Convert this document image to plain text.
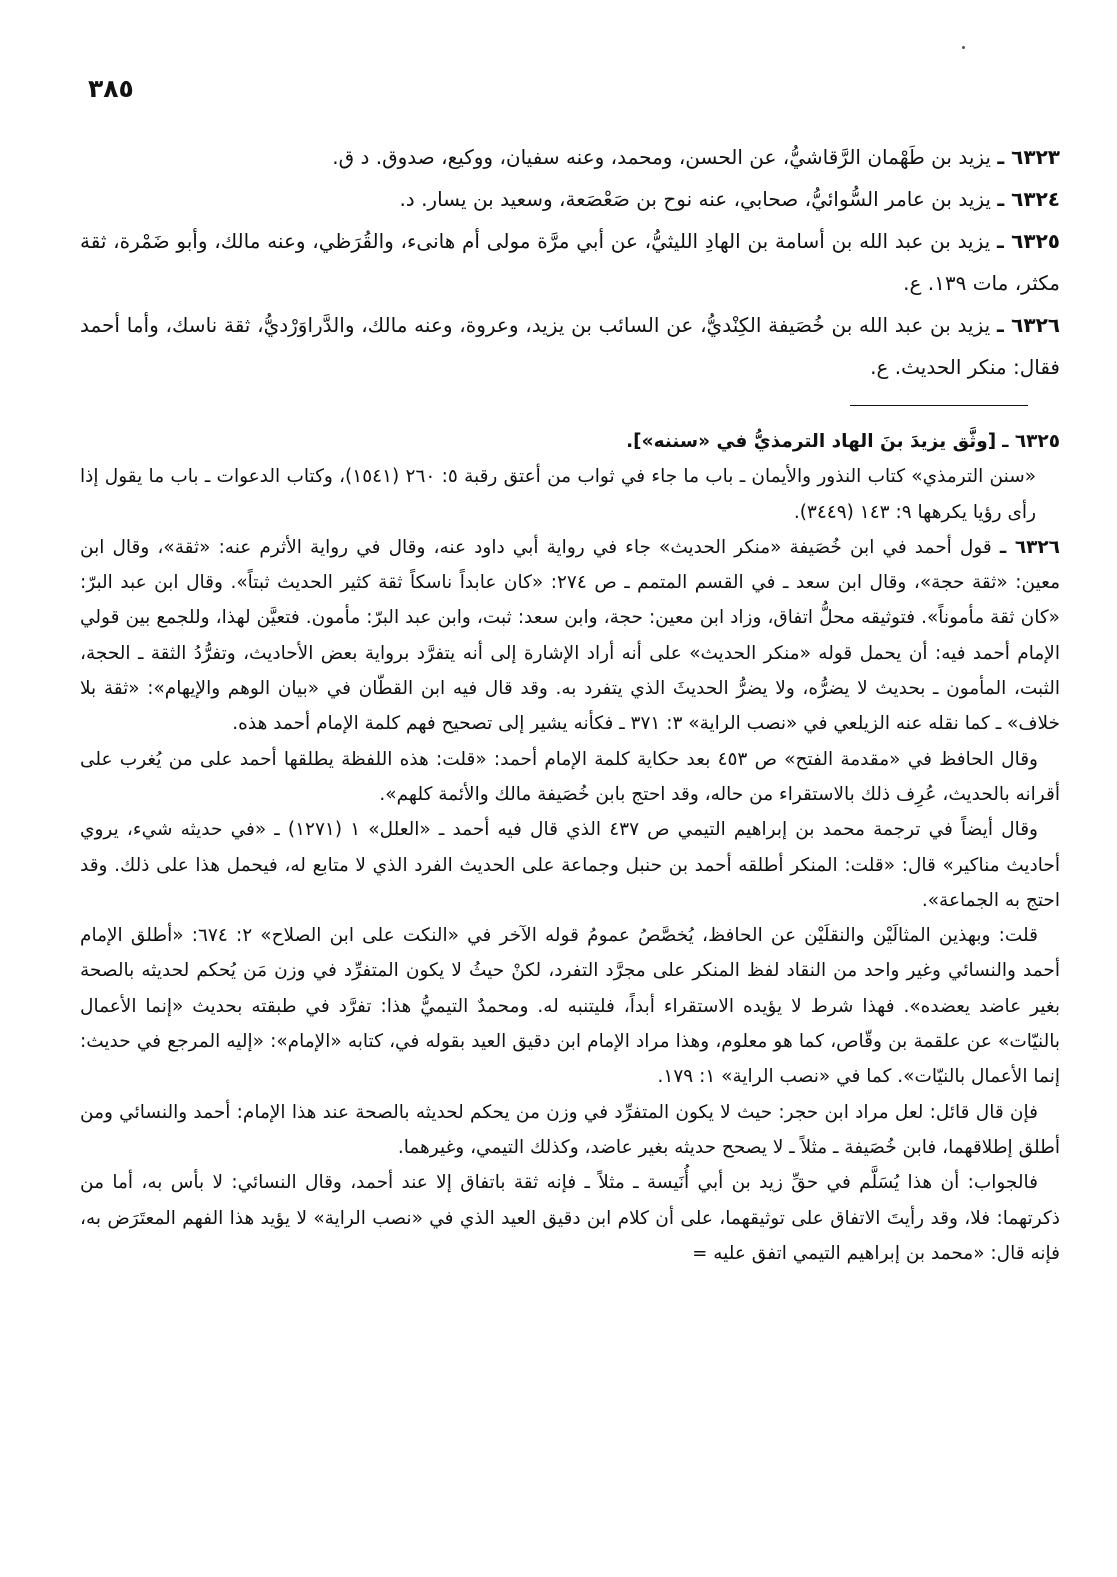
٣٨٥

٦٣٢٣ ـ يزيد بن طَهْمان الرَّقاشيُّ، عن الحسن، ومحمد، وعنه سفيان، ووكيع، صدوق. د ق.

٦٣٢٤ ـ يزيد بن عامر السُّوائيُّ، صحابي، عنه نوح بن صَعْصَعة، وسعيد بن يسار. د.

٦٣٢٥ ـ يزيد بن عبد الله بن أسامة بن الهادِ الليثيُّ، عن أبي مرَّة مولى أم هانىء، والقُرَظي، وعنه مالك، وأبو ضَمْرة، ثقة مكثر، مات ١٣٩. ع.

٦٣٢٦ ـ يزيد بن عبد الله بن خُصَيفة الكِنْديُّ، عن السائب بن يزيد، وعروة، وعنه مالك، والدَّراوَرْديُّ، ثقة ناسك، وأما أحمد فقال: منكر الحديث. ع.

٦٣٢٥ ـ [وثَّق يزيدَ بنَ الهاد الترمذيُّ في «سننه»].

«سنن الترمذي» كتاب النذور والأيمان ـ باب ما جاء في ثواب من أعتق رقبة ٥: ٢٦٠ (١٥٤١)، وكتاب الدعوات ـ باب ما يقول إذا رأى رؤيا يكرهها ٩: ١٤٣ (٣٤٤٩).

٦٣٢٦ ـ قول أحمد في ابن خُصَيفة «منكر الحديث» جاء في رواية أبي داود عنه، وقال في رواية الأثرم عنه: «ثقة»، وقال ابن معين: «ثقة حجة»، وقال ابن سعد ـ في القسم المتمم ـ ص ٢٧٤: «كان عابداً ناسكاً ثقة كثير الحديث ثبتاً». وقال ابن عبد البرّ: «كان ثقة مأموناً». فتوثيقه محلُّ اتفاق، وزاد ابن معين: حجة، وابن سعد: ثبت، وابن عبد البرّ: مأمون. فتعيَّن لهذا، وللجمع بين قولي الإمام أحمد فيه: أن يحمل قوله «منكر الحديث» على أنه أراد الإشارة إلى أنه يتفرَّد برواية بعض الأحاديث، وتفرُّدُ الثقة ـ الحجة، الثبت، المأمون ـ بحديث لا يضرُّه، ولا يضرُّ الحديثَ الذي يتفرد به. وقد قال فيه ابن القطّان في «بيان الوهم والإيهام»: «ثقة بلا خلاف» ـ كما نقله عنه الزيلعي في «نصب الراية» ٣: ٣٧١ ـ فكأنه يشير إلى تصحيح فهم كلمة الإمام أحمد هذه.

وقال الحافظ في «مقدمة الفتح» ص ٤٥٣ بعد حكاية كلمة الإمام أحمد: «قلت: هذه اللفظة يطلقها أحمد على من يُغرب على أقرانه بالحديث، عُرِف ذلك بالاستقراء من حاله، وقد احتج بابن خُصَيفة مالك والأئمة كلهم».

وقال أيضاً في ترجمة محمد بن إبراهيم التيمي ص ٤٣٧ الذي قال فيه أحمد ـ «العلل» ١ (١٢٧١) ـ «في حديثه شيء، يروي أحاديث مناكير» قال: «قلت: المنكر أطلقه أحمد بن حنبل وجماعة على الحديث الفرد الذي لا متابع له، فيحمل هذا على ذلك. وقد احتج به الجماعة».

قلت: وبهذين المثالَيْن والنقلَيْن عن الحافظ، يُخصَّصُ عمومُ قوله الآخر في «النكت على ابن الصلاح» ٢: ٦٧٤: «أطلق الإمام أحمد والنسائي وغير واحد من النقاد لفظ المنكر على مجرَّد التفرد، لكنْ حيثُ لا يكون المتفرِّد في وزن مَن يُحكم لحديثه بالصحة بغير عاضد يعضده». فهذا شرط لا يؤيده الاستقراء أبداً، فليتنبه له. ومحمدٌ التيميُّ هذا: تفرَّد في طبقته بحديث «إنما الأعمال بالنيّات» عن علقمة بن وقّاص، كما هو معلوم، وهذا مراد الإمام ابن دقيق العيد بقوله في، كتابه «الإمام»: «إليه المرجع في حديث: إنما الأعمال بالنيّات». كما في «نصب الراية» ١: ١٧٩.

فإن قال قائل: لعل مراد ابن حجر: حيث لا يكون المتفرِّد في وزن من يحكم لحديثه بالصحة عند هذا الإمام: أحمد والنسائي ومن أطلق إطلاقهما، فابن خُصَيفة ـ مثلاً ـ لا يصحح حديثه بغير عاضد، وكذلك التيمي، وغيرهما.

فالجواب: أن هذا يُسَلَّم في حقِّ زيد بن أبي أُنَيسة ـ مثلاً ـ فإنه ثقة باتفاق إلا عند أحمد، وقال النسائي: لا بأس به، أما من ذكرتهما: فلا، وقد رأيتَ الاتفاق على توثيقهما، على أن كلام ابن دقيق العيد الذي في «نصب الراية» لا يؤيد هذا الفهم المعتَرَض به، فإنه قال: «محمد بن إبراهيم التيمي اتفق عليه =
